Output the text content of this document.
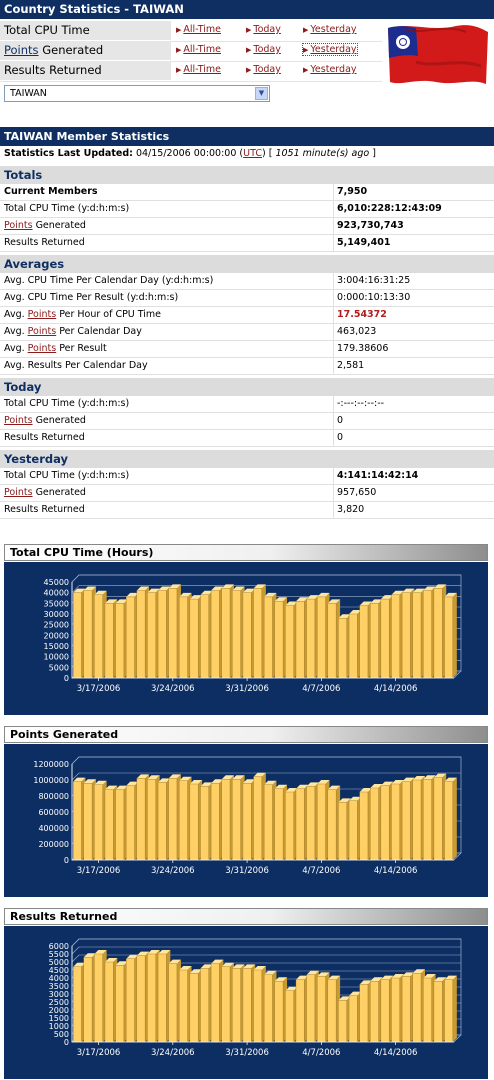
Country Statistics - TAIWAN
Total CPU Time	▶ All-Time	▶ Today	▶ Yesterday
Points Generated	▶ All-Time	▶ Today	▶ Yesterday
Results Returned	▶ All-Time	▶ Today	▶ Yesterday
TAIWAN	▼
TAIWAN Member Statistics
Statistics Last Updated: 04/15/2006 00:00:00 (UTC) [ 1051 minute(s) ago ]
Totals
Current Members	7,950
Total CPU Time (y:d:h:m:s)	6,010:228:12:43:09
Points Generated	923,730,743
Results Returned	5,149,401
Averages
Avg. CPU Time Per Calendar Day (y:d:h:m:s)	3:004:16:31:25
Avg. CPU Time Per Result (y:d:h:m:s)	0:000:10:13:30
Avg. Points Per Hour of CPU Time	17.54372
Avg. Points Per Calendar Day	463,023
Avg. Points Per Result	179.38606
Avg. Results Per Calendar Day	2,581
Today
Total CPU Time (y:d:h:m:s)	-:---:--:--:--
Points Generated	0
Results Returned	0
Yesterday
Total CPU Time (y:d:h:m:s)	4:141:14:42:14
Points Generated	957,650
Results Returned	3,820
Total CPU Time (Hours)
0
5000
10000
15000
20000
25000
30000
35000
40000
45000
3/17/2006	3/24/2006	3/31/2006	4/7/2006	4/14/2006
Points Generated
0
200000
400000
600000
800000
1000000
1200000
3/17/2006	3/24/2006	3/31/2006	4/7/2006	4/14/2006
Results Returned
0
500
1000
1500
2000
2500
3000
3500
4000
4500
5000
5500
6000
3/17/2006	3/24/2006	3/31/2006	4/7/2006	4/14/2006
